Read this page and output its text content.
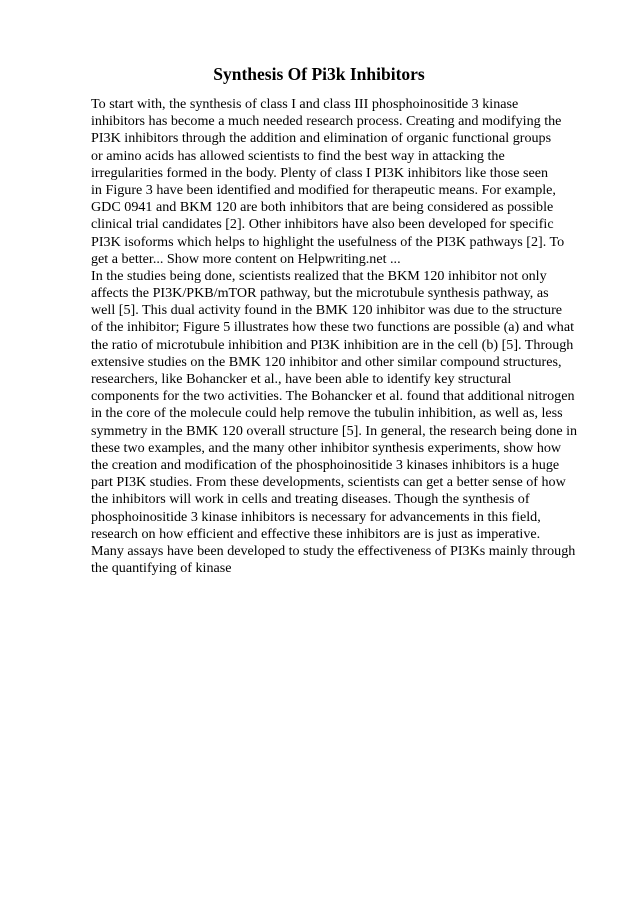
Synthesis Of Pi3k Inhibitors
To start with, the synthesis of class I and class III phosphoinositide 3 kinase
inhibitors has become a much needed research process. Creating and modifying the
PI3K inhibitors through the addition and elimination of organic functional groups
or amino acids has allowed scientists to find the best way in attacking the
irregularities formed in the body. Plenty of class I PI3K inhibitors like those seen
in Figure 3 have been identified and modified for therapeutic means. For example,
GDC 0941 and BKM 120 are both inhibitors that are being considered as possible
clinical trial candidates [2]. Other inhibitors have also been developed for specific
PI3K isoforms which helps to highlight the usefulness of the PI3K pathways [2]. To
get a better... Show more content on Helpwriting.net ...
In the studies being done, scientists realized that the BKM 120 inhibitor not only
affects the PI3K/PKB/mTOR pathway, but the microtubule synthesis pathway, as
well [5]. This dual activity found in the BMK 120 inhibitor was due to the structure
of the inhibitor; Figure 5 illustrates how these two functions are possible (a) and what
the ratio of microtubule inhibition and PI3K inhibition are in the cell (b) [5]. Through
extensive studies on the BMK 120 inhibitor and other similar compound structures,
researchers, like Bohancker et al., have been able to identify key structural
components for the two activities. The Bohancker et al. found that additional nitrogen
in the core of the molecule could help remove the tubulin inhibition, as well as, less
symmetry in the BMK 120 overall structure [5]. In general, the research being done in
these two examples, and the many other inhibitor synthesis experiments, show how
the creation and modification of the phosphoinositide 3 kinases inhibitors is a huge
part PI3K studies. From these developments, scientists can get a better sense of how
the inhibitors will work in cells and treating diseases. Though the synthesis of
phosphoinositide 3 kinase inhibitors is necessary for advancements in this field,
research on how efficient and effective these inhibitors are is just as imperative.
Many assays have been developed to study the effectiveness of PI3Ks mainly through
the quantifying of kinase
